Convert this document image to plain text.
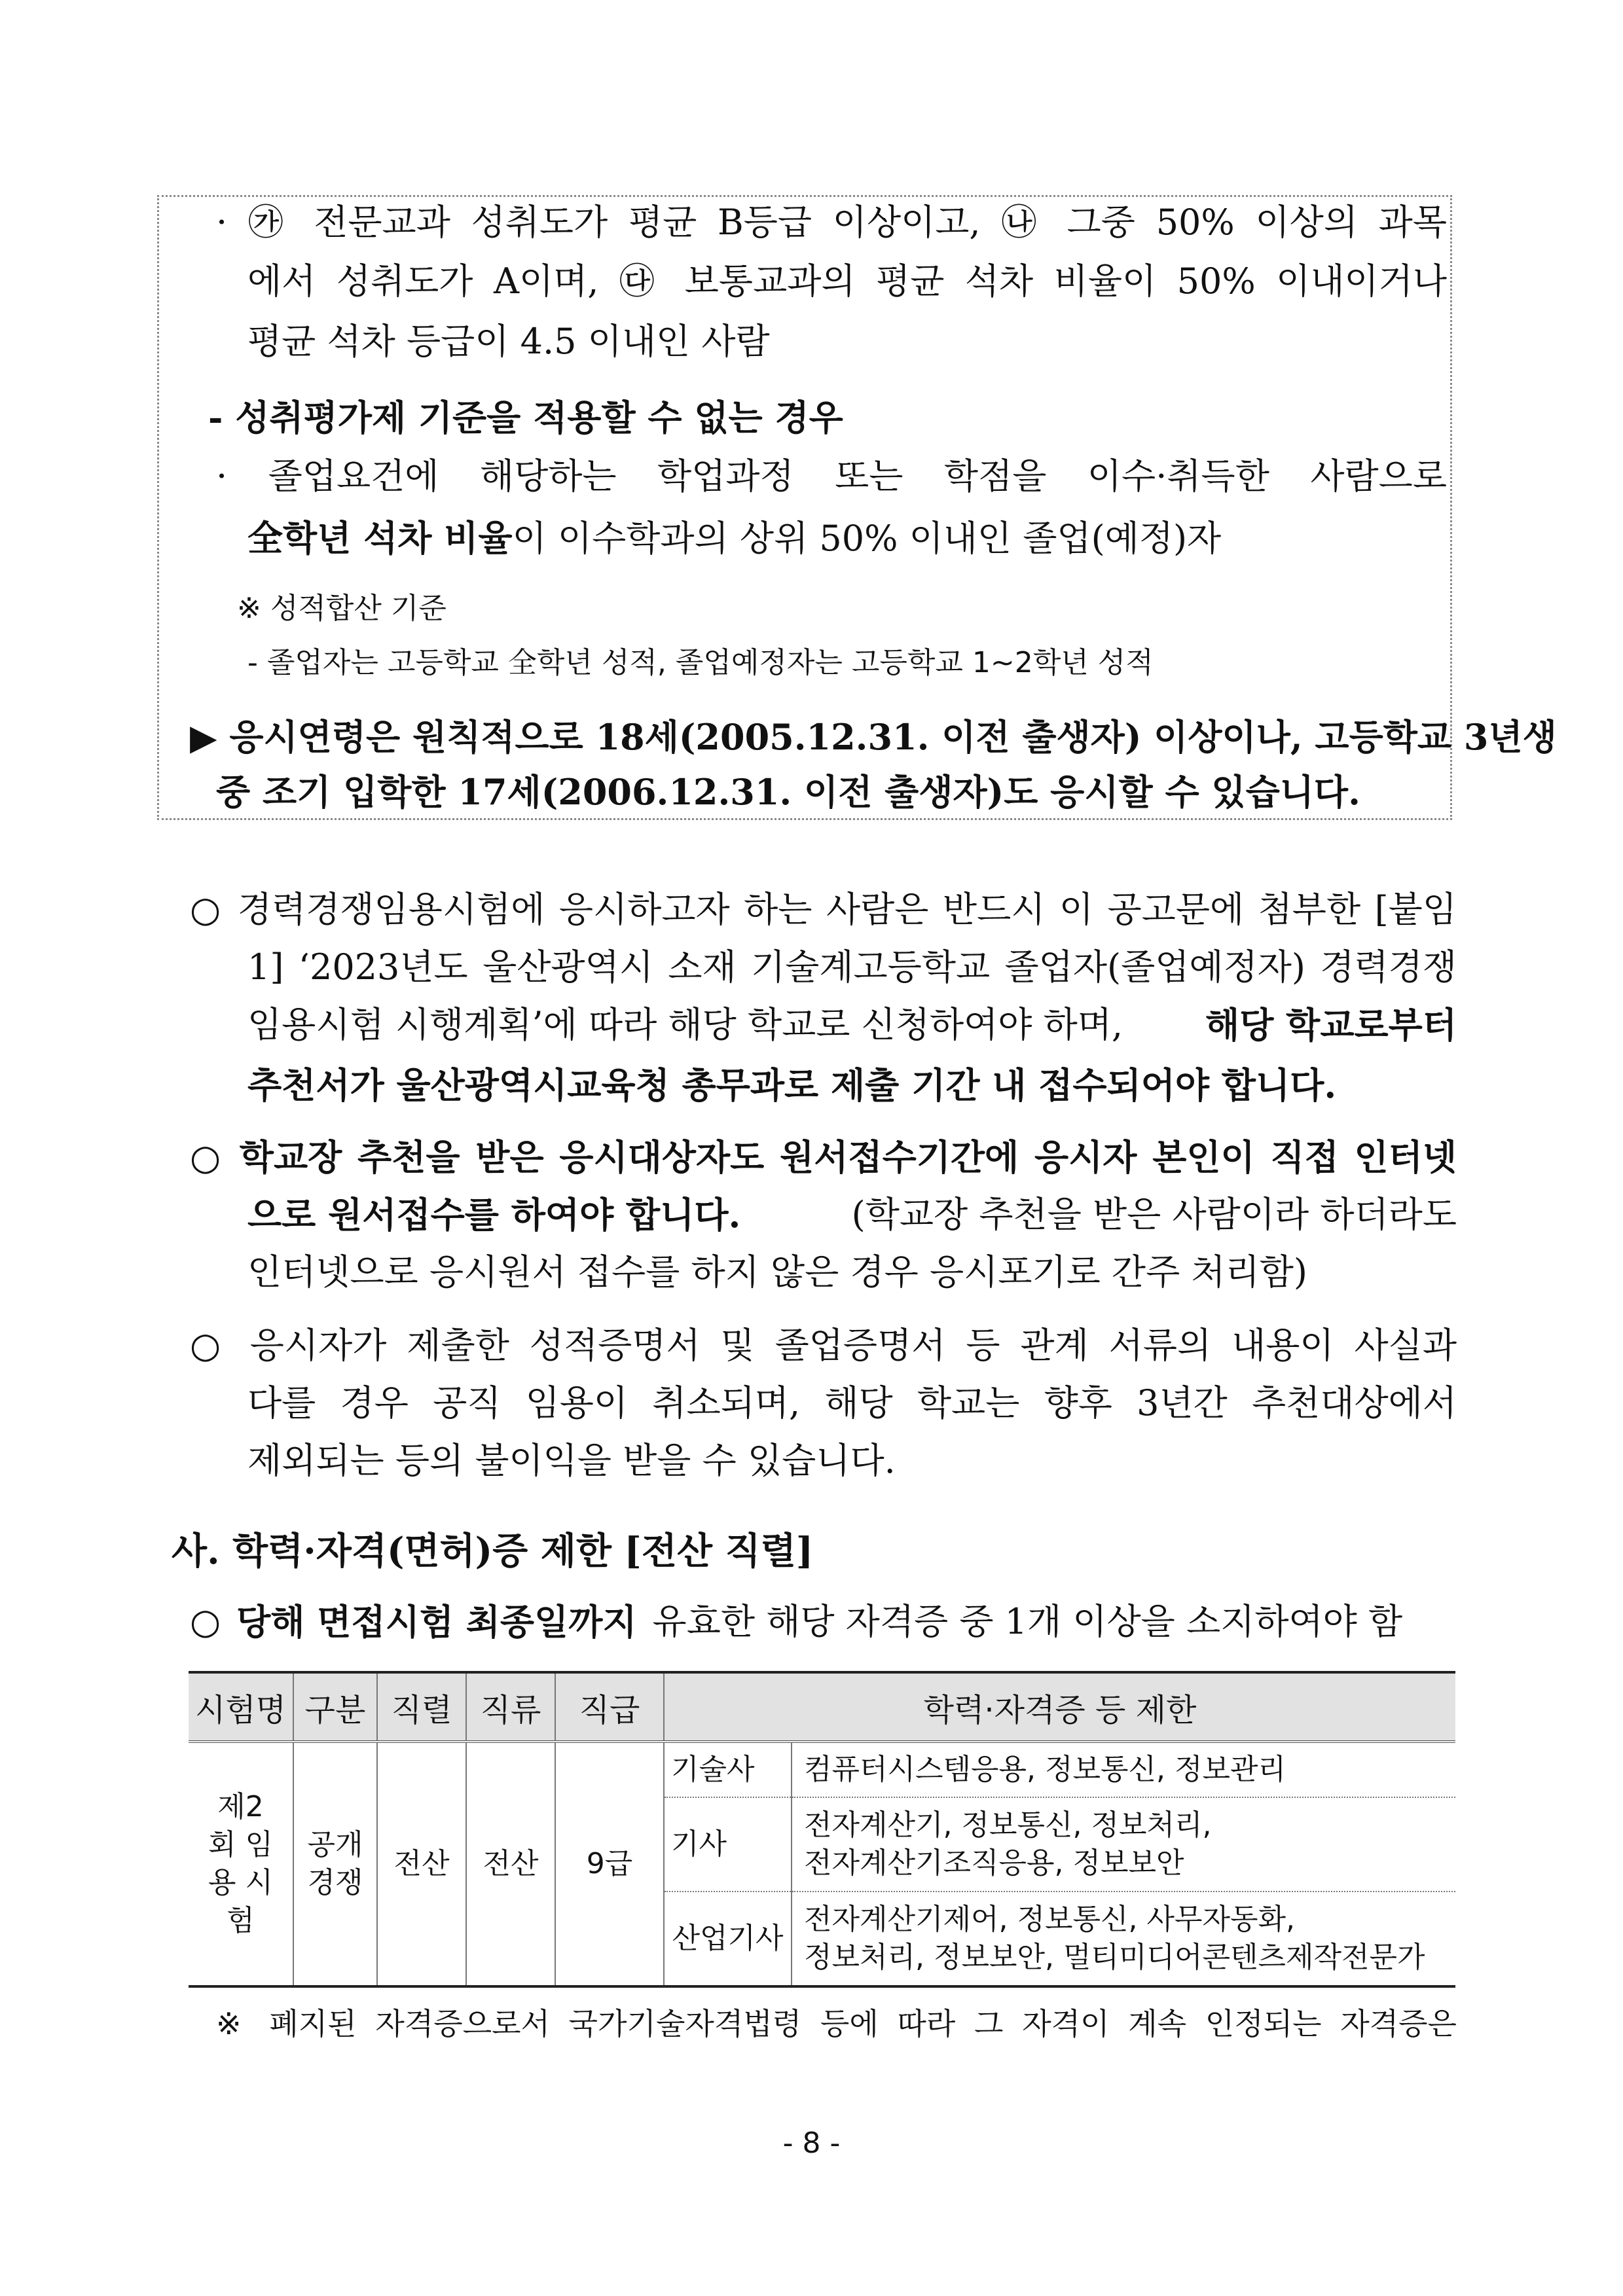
· ㉮ 전문교과 성취도가 평균 B등급 이상이고, ㉯ 그중 50% 이상의 과목
에서 성취도가 A이며, ㉰ 보통교과의 평균 석차 비율이 50% 이내이거나
평균 석차 등급이 4.5 이내인 사람
- 성취평가제 기준을 적용할 수 없는 경우
· 졸업요건에 해당하는 학업과정 또는 학점을 이수·취득한 사람으로
全학년 석차 비율이 이수학과의 상위 50% 이내인 졸업(예정)자
※ 성적합산 기준
- 졸업자는 고등학교 全학년 성적, 졸업예정자는 고등학교 1~2학년 성적
▶ 응시연령은 원칙적으로 18세(2005.12.31. 이전 출생자) 이상이나, 고등학교 3년생
중 조기 입학한 17세(2006.12.31. 이전 출생자)도 응시할 수 있습니다.
○ 경력경쟁임용시험에 응시하고자 하는 사람은 반드시 이 공고문에 첨부한 [붙임
1] ‘2023년도 울산광역시 소재 기술계고등학교 졸업자(졸업예정자) 경력경쟁
임용시험 시행계획’에 따라 해당 학교로 신청하여야 하며, 해당 학교로부터
추천서가 울산광역시교육청 총무과로 제출 기간 내 접수되어야 합니다.
○ 학교장 추천을 받은 응시대상자도 원서접수기간에 응시자 본인이 직접 인터넷
으로 원서접수를 하여야 합니다.	(학교장 추천을 받은 사람이라 하더라도
인터넷으로 응시원서 접수를 하지 않은 경우 응시포기로 간주 처리함)
○ 응시자가 제출한 성적증명서 및 졸업증명서 등 관계 서류의 내용이 사실과
다를 경우 공직 임용이 취소되며, 해당 학교는 향후 3년간 추천대상에서
제외되는 등의 불이익을 받을 수 있습니다.
사. 학력·자격(면허)증 제한 [전산 직렬]
○ 당해 면접시험 최종일까지 유효한 해당 자격증 중 1개 이상을 소지하여야 함
시험명	구분	직렬	직류	직급	학력·자격증 등 제한	
제2회 임용 시험	공개 경쟁	전산	전산	9급	기술사	컴퓨터시스템응용, 정보통신, 정보관리

					기사	전자계산기, 정보통신, 정보처리,
전자계산기조직응용, 정보보안

					산업기사	전자계산기제어, 정보통신, 사무자동화,
정보처리, 정보보안, 멀티미디어콘텐츠제작전문가
※ 폐지된 자격증으로서 국가기술자격법령 등에 따라 그 자격이 계속 인정되는 자격증은
- 8 -
